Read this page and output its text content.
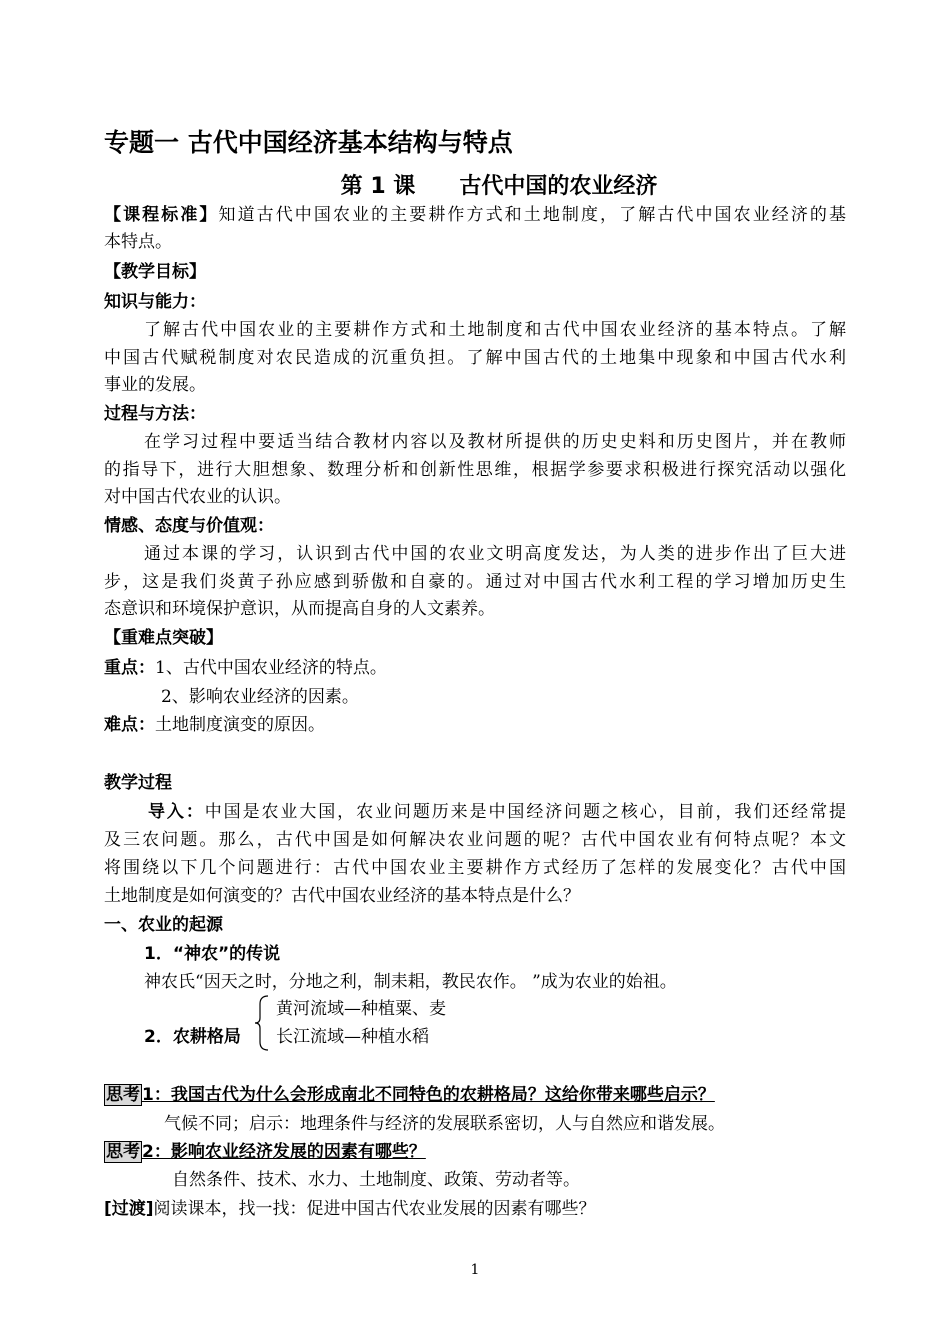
专题一 古代中国经济基本结构与特点
第 1 课 古代中国的农业经济
【课程标准】知道古代中国农业的主要耕作方式和土地制度，了解古代中国农业经济的基
本特点。
【教学目标】
知识与能力：
了解古代中国农业的主要耕作方式和土地制度和古代中国农业经济的基本特点。了解
中国古代赋税制度对农民造成的沉重负担。了解中国古代的土地集中现象和中国古代水利
事业的发展。
过程与方法：
在学习过程中要适当结合教材内容以及教材所提供的历史史料和历史图片，并在教师
的指导下，进行大胆想象、数理分析和创新性思维，根据学参要求积极进行探究活动以强化
对中国古代农业的认识。
情感、态度与价值观：
通过本课的学习，认识到古代中国的农业文明高度发达，为人类的进步作出了巨大进
步，这是我们炎黄子孙应感到骄傲和自豪的。通过对中国古代水利工程的学习增加历史生
态意识和环境保护意识，从而提高自身的人文素养。
【重难点突破】
重点：1、古代中国农业经济的特点。
2、影响农业经济的因素。
难点：土地制度演变的原因。
教学过程
导入：中国是农业大国，农业问题历来是中国经济问题之核心，目前，我们还经常提
及三农问题。那么，古代中国是如何解决农业问题的呢？古代中国农业有何特点呢？本文
将围绕以下几个问题进行：古代中国农业主要耕作方式经历了怎样的发展变化？古代中国
土地制度是如何演变的？古代中国农业经济的基本特点是什么？
一、农业的起源
1．“神农”的传说
神农氏“因天之时，分地之利，制耒耜，教民农作。 ”成为农业的始祖。
黄河流域—种植粟、麦
2．农耕格局	长江流域—种植水稻
思考 1：我国古代为什么会形成南北不同特色的农耕格局？这给你带来哪些启示？
气候不同；启示：地理条件与经济的发展联系密切，人与自然应和谐发展。
思考 2：影响农业经济发展的因素有哪些？
自然条件、技术、水力、土地制度、政策、劳动者等。
[过渡]阅读课本，找一找：促进中国古代农业发展的因素有哪些？
1
